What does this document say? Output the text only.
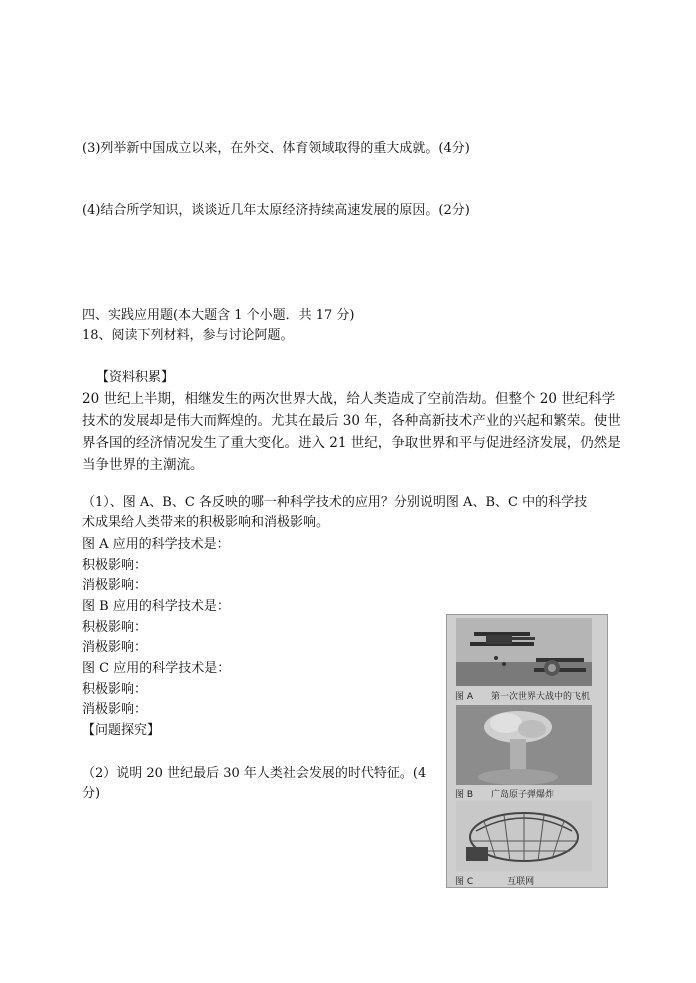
(3)列举新中国成立以来，在外交、体育领域取得的重大成就。(4分)
(4)结合所学知识，谈谈近几年太原经济持续高速发展的原因。(2分)
四、实践应用题(本大题含 1 个小题．共 17 分)
18、阅读下列材料，参与讨论阿题。
【资料积累】
20 世纪上半期，相继发生的两次世界大战，给人类造成了空前浩劫。但整个 20 世纪科学技术的发展却是伟大而辉煌的。尤其在最后 30 年，各种高新技术产业的兴起和繁荣。使世界各国的经济情况发生了重大变化。进入 21 世纪，争取世界和平与促进经济发展，仍然是当争世界的主潮流。
（1）、图 A、B、C 各反映的哪一种科学技术的应用？分别说明图 A、B、C 中的科学技
术成果给人类带来的积极影响和消极影响。
图 A 应用的科学技术是：
积极影响：
消极影响：
图 B 应用的科学技术是：
积极影响：
消极影响：
图 C 应用的科学技术是：
积极影响：
消极影响：
【问题探究】
（2）说明 20 世纪最后 30 年人类社会发展的时代特征。(4
分)
图 A 第一次世界大战中的飞机
图 B 广岛原子弹爆炸
图 C	互联网
